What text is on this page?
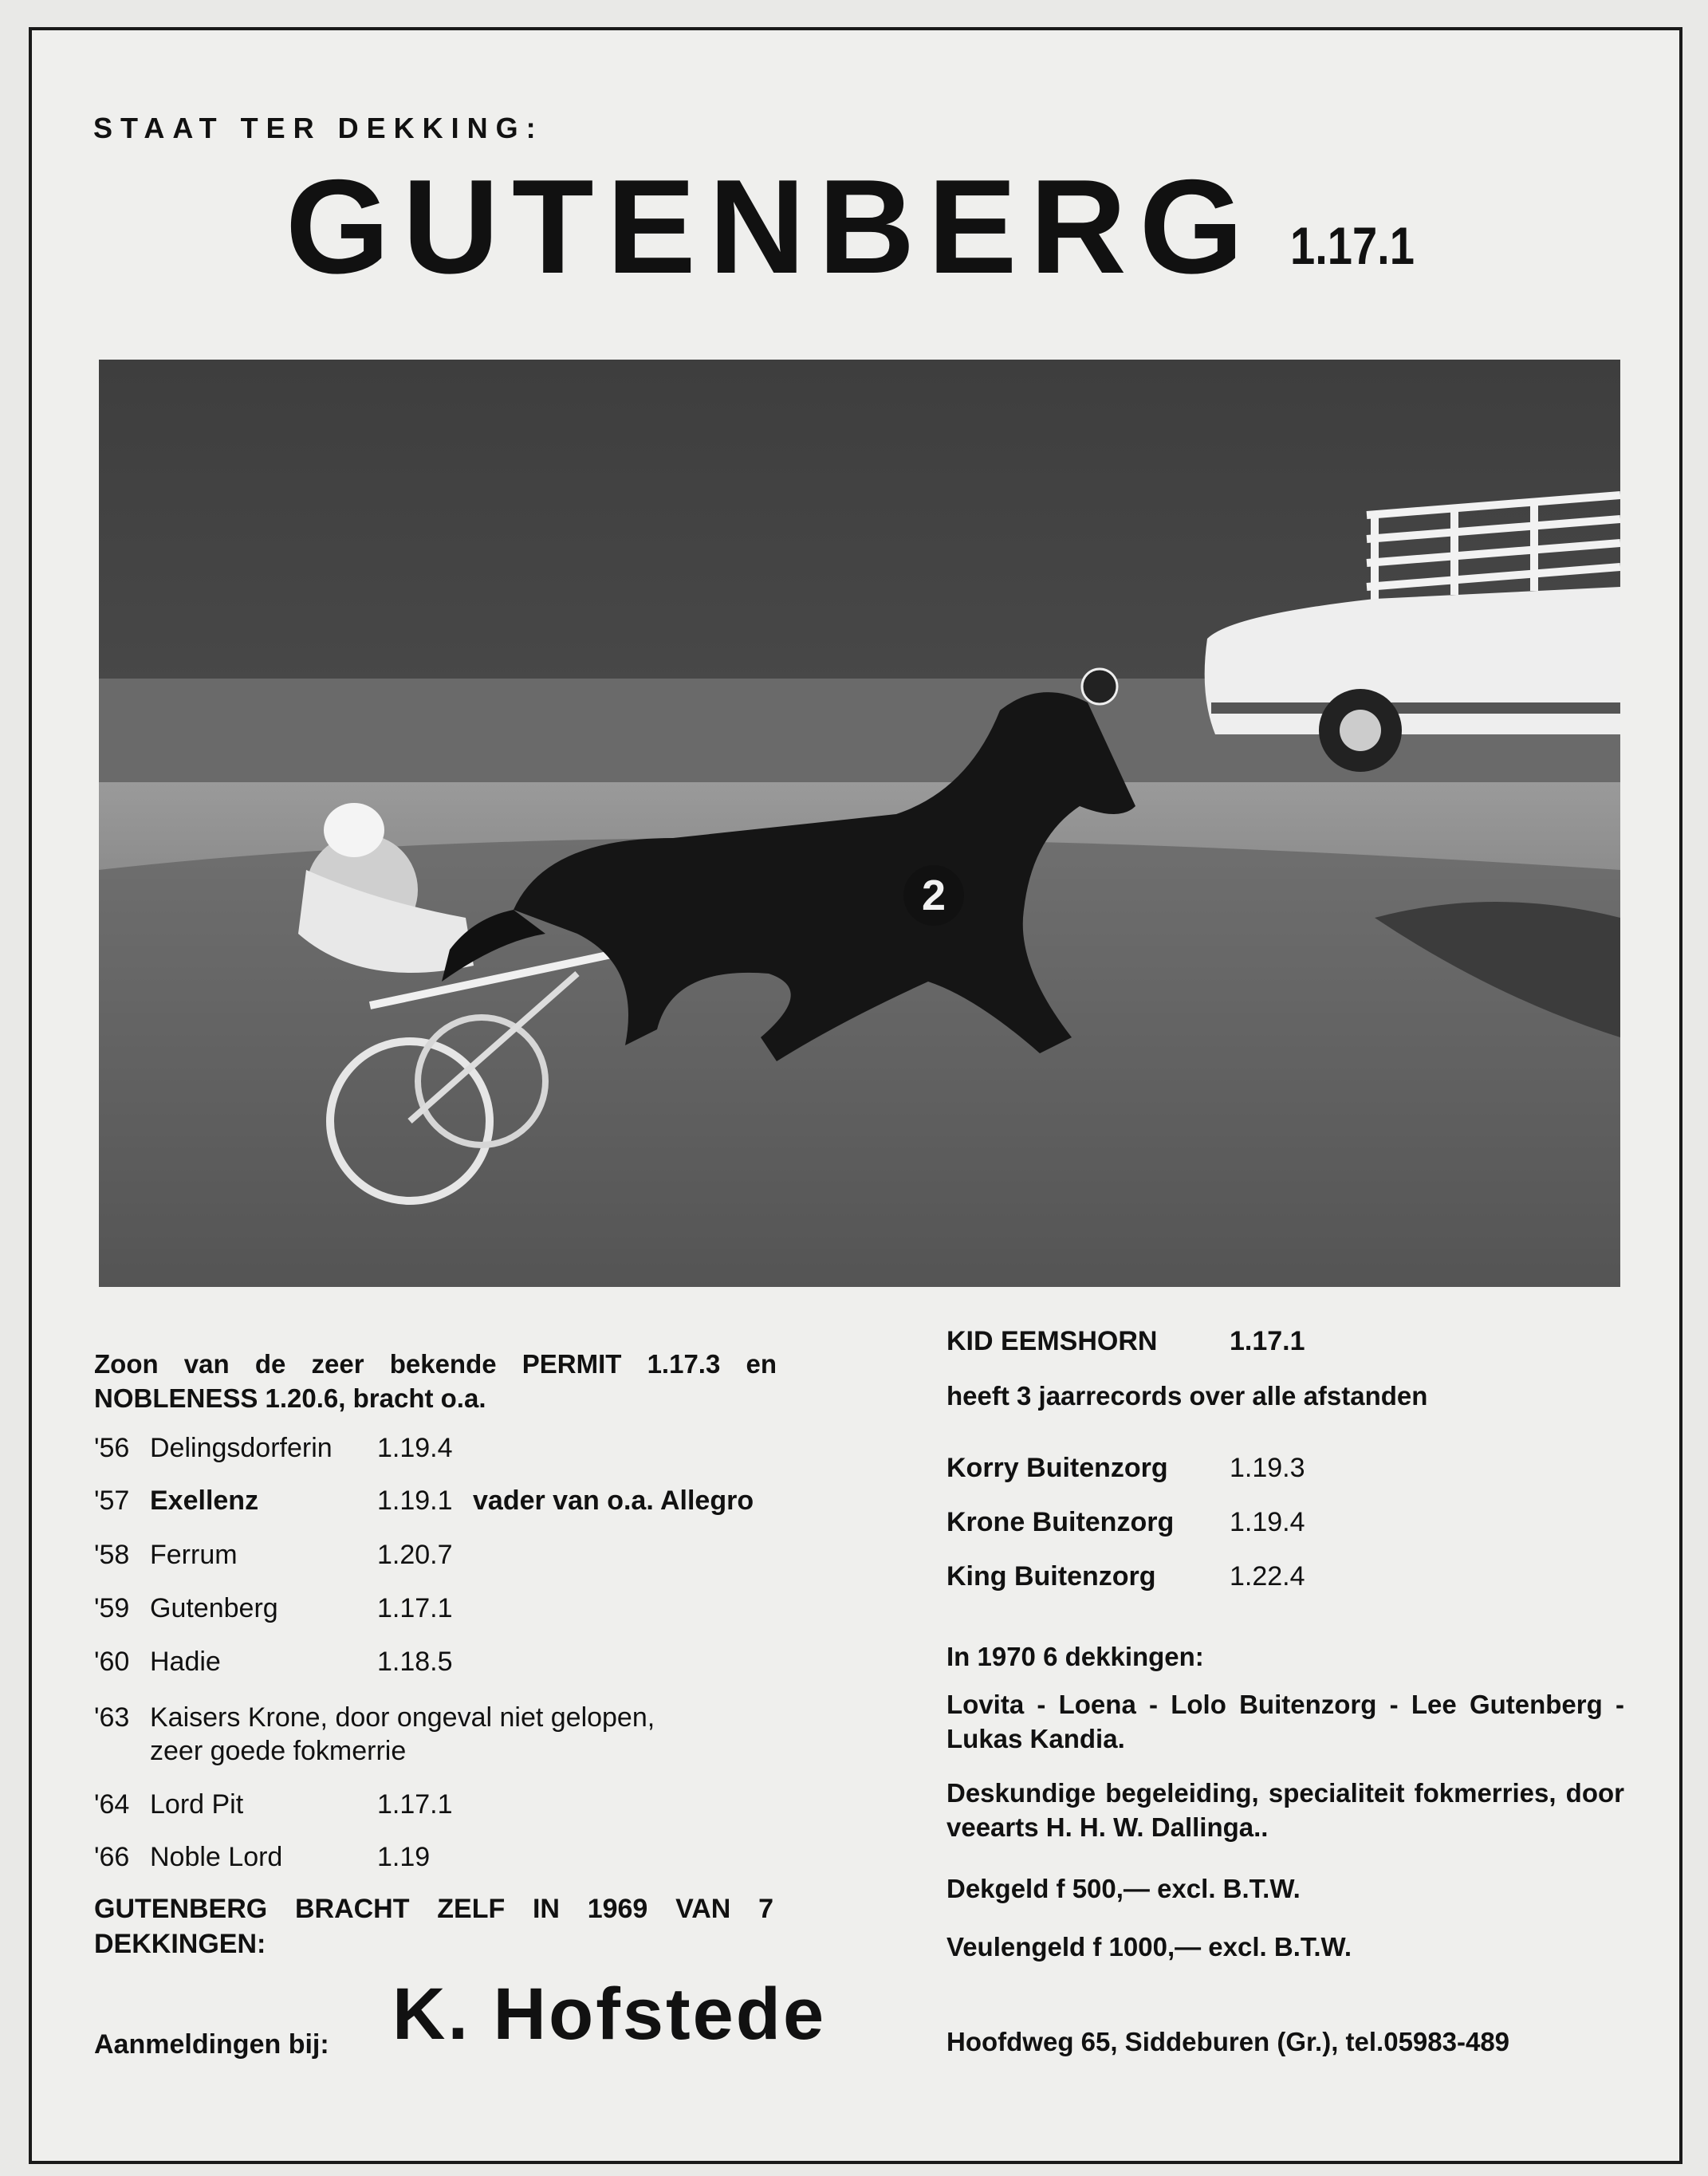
STAAT TER DEKKING:
GUTENBERG 1.17.1
2
Zoon van de zeer bekende PERMIT 1.17.3 en NOBLENESS 1.20.6, bracht o.a.
'56 Delingsdorferin 1.19.4
'57 Exellenz	1.19.1 vader van o.a. Allegro
'58 Ferrum	1.20.7
'59 Gutenberg	1.17.1
'60 Hadie	1.18.5
'63 Kaisers Krone, door ongeval niet gelopen,
zeer goede fokmerrie
'64 Lord Pit	1.17.1
'66 Noble Lord	1.19
GUTENBERG BRACHT ZELF IN 1969 VAN 7 DEKKINGEN:
KID EEMSHORN	1.17.1
heeft 3 jaarrecords over alle afstanden
Korry Buitenzorg 1.19.3
Krone Buitenzorg 1.19.4
King Buitenzorg	1.22.4
In 1970 6 dekkingen:
Lovita - Loena - Lolo Buitenzorg - Lee Gutenberg - Lukas Kandia.
Deskundige begeleiding, specialiteit fokmerries, door veearts H. H. W. Dallinga..
Dekgeld f 500,— excl. B.T.W.
Veulengeld f 1000,— excl. B.T.W.
Aanmeldingen bij: K. Hofstede	Hoofdweg 65, Siddeburen (Gr.), tel.05983-489
